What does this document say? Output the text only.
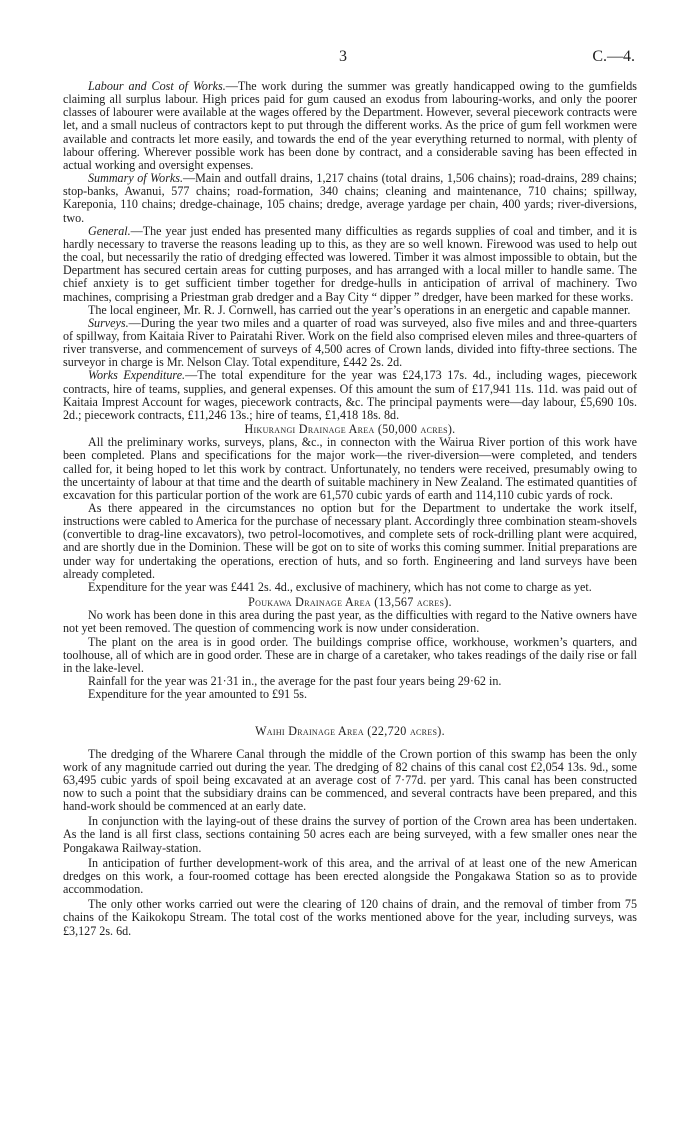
3	C.—4.

Labour and Cost of Works.—The work during the summer was greatly handicapped owing to the gumfields claiming all surplus labour. High prices paid for gum caused an exodus from labouring-works, and only the poorer classes of labourer were available at the wages offered by the Department. However, several piecework contracts were let, and a small nucleus of contractors kept to put through the different works. As the price of gum fell workmen were available and contracts let more easily, and towards the end of the year everything returned to normal, with plenty of labour offering. Wherever possible work has been done by contract, and a considerable saving has been effected in actual working and oversight expenses.

Summary of Works.—Main and outfall drains, 1,217 chains (total drains, 1,506 chains); road-drains, 289 chains; stop-banks, Awanui, 577 chains; road-formation, 340 chains; cleaning and maintenance, 710 chains; spillway, Kareponia, 110 chains; dredge-chainage, 105 chains; dredge, average yardage per chain, 400 yards; river-diversions, two.

General.—The year just ended has presented many difficulties as regards supplies of coal and timber, and it is hardly necessary to traverse the reasons leading up to this, as they are so well known. Firewood was used to help out the coal, but necessarily the ratio of dredging effected was lowered. Timber it was almost impossible to obtain, but the Department has secured certain areas for cutting purposes, and has arranged with a local miller to handle same. The chief anxiety is to get sufficient timber together for dredge-hulls in anticipation of arrival of machinery. Two machines, comprising a Priestman grab dredger and a Bay City “ dipper ” dredger, have been marked for these works.

The local engineer, Mr. R. J. Cornwell, has carried out the year’s operations in an energetic and capable manner.

Surveys.—During the year two miles and a quarter of road was surveyed, also five miles and and three-quarters of spillway, from Kaitaia River to Pairatahi River. Work on the field also comprised eleven miles and three-quarters of river transverse, and commencement of surveys of 4,500 acres of Crown lands, divided into fifty-three sections. The surveyor in charge is Mr. Nelson Clay. Total expenditure, £442 2s. 2d.

Works Expenditure.—The total expenditure for the year was £24,173 17s. 4d., including wages, piecework contracts, hire of teams, supplies, and general expenses. Of this amount the sum of £17,941 11s. 11d. was paid out of Kaitaia Imprest Account for wages, piecework contracts, &c. The principal payments were—day labour, £5,690 10s. 2d.; piecework contracts, £11,246 13s.; hire of teams, £1,418 18s. 8d.

Hikurangi Drainage Area (50,000 acres).

All the preliminary works, surveys, plans, &c., in connecton with the Wairua River portion of this work have been completed. Plans and specifications for the major work—the river-diversion—were completed, and tenders called for, it being hoped to let this work by contract. Unfortunately, no tenders were received, presumably owing to the uncertainty of labour at that time and the dearth of suitable machinery in New Zealand. The estimated quantities of excavation for this particular portion of the work are 61,570 cubic yards of earth and 114,110 cubic yards of rock.

As there appeared in the circumstances no option but for the Department to undertake the work itself, instructions were cabled to America for the purchase of necessary plant. Accordingly three combination steam-shovels (convertible to drag-line excavators), two petrol-locomotives, and complete sets of rock-drilling plant were acquired, and are shortly due in the Dominion. These will be got on to site of works this coming summer. Initial preparations are under way for undertaking the operations, erection of huts, and so forth. Engineering and land surveys have been already completed.

Expenditure for the year was £441 2s. 4d., exclusive of machinery, which has not come to charge as yet.

Poukawa Drainage Area (13,567 acres).

No work has been done in this area during the past year, as the difficulties with regard to the Native owners have not yet been removed. The question of commencing work is now under consideration.

The plant on the area is in good order. The buildings comprise office, workhouse, workmen’s quarters, and toolhouse, all of which are in good order. These are in charge of a caretaker, who takes readings of the daily rise or fall in the lake-level.

Rainfall for the year was 21·31 in., the average for the past four years being 29·62 in.

Expenditure for the year amounted to £91 5s.

Waihi Drainage Area (22,720 acres).

The dredging of the Wharere Canal through the middle of the Crown portion of this swamp has been the only work of any magnitude carried out during the year. The dredging of 82 chains of this canal cost £2,054 13s. 9d., some 63,495 cubic yards of spoil being excavated at an average cost of 7·77d. per yard. This canal has been constructed now to such a point that the subsidiary drains can be commenced, and several contracts have been prepared, and this hand-work should be commenced at an early date.

In conjunction with the laying-out of these drains the survey of portion of the Crown area has been undertaken. As the land is all first class, sections containing 50 acres each are being surveyed, with a few smaller ones near the Pongakawa Railway-station.

In anticipation of further development-work of this area, and the arrival of at least one of the new American dredges on this work, a four-roomed cottage has been erected alongside the Pongakawa Station so as to provide accommodation.

The only other works carried out were the clearing of 120 chains of drain, and the removal of timber from 75 chains of the Kaikokopu Stream. The total cost of the works mentioned above for the year, including surveys, was £3,127 2s. 6d.
